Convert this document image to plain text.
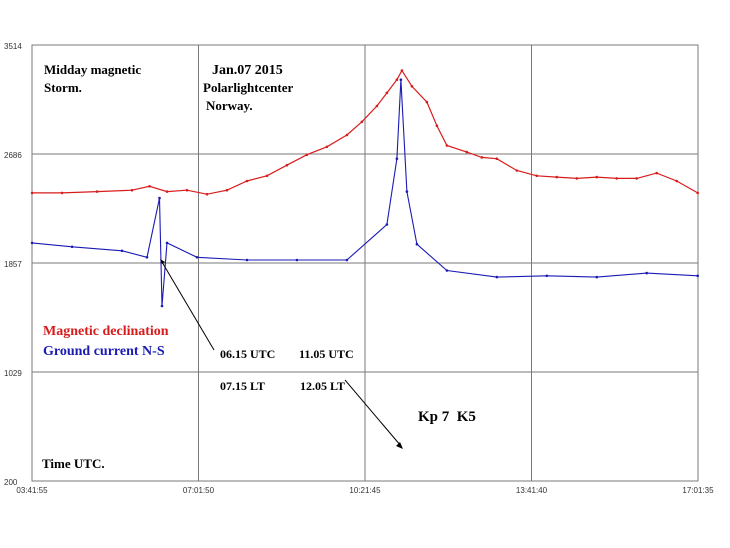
3514
2686
1857
1029
200
03:41:55	07:01:50	10:21:45	13:41:40	17:01:35
Midday magnetic
Storm.
Jan.07 2015
Polarlightcenter
Norway.
Magnetic declination
Ground current N-S	06.15 UTC
07.15 LT
11.05 UTC
12.05 LT
Kp 7  K5
Time UTC.
